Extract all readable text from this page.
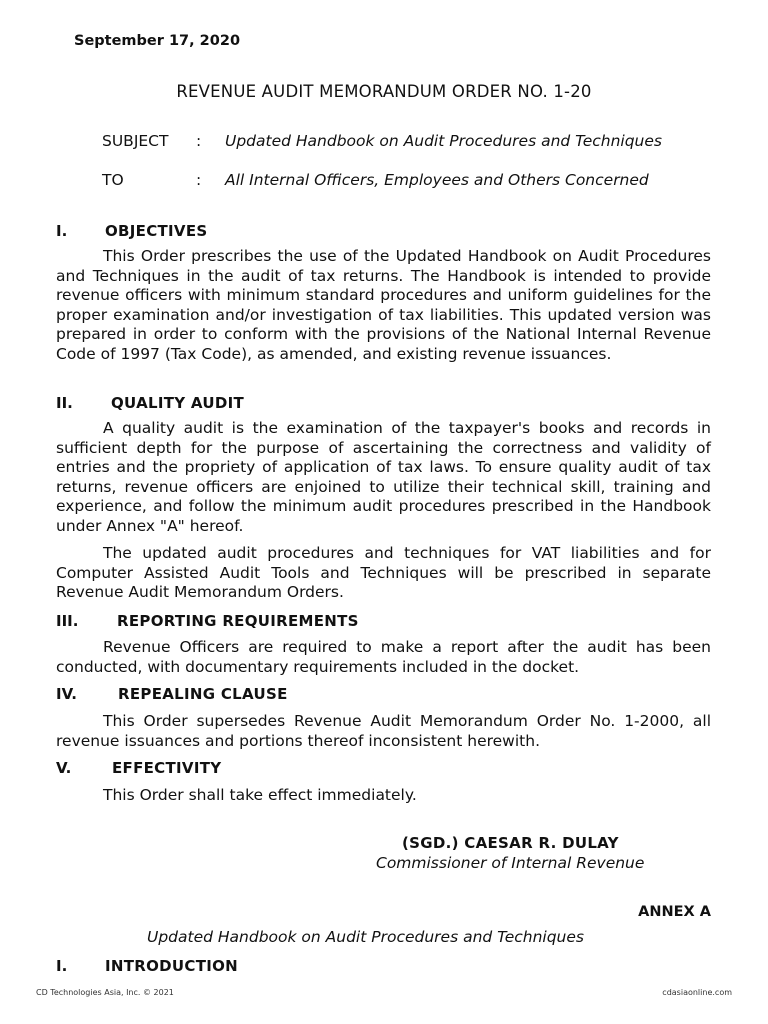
September 17, 2020
REVENUE AUDIT MEMORANDUM ORDER NO. 1-20
SUBJECT : Updated Handbook on Audit Procedures and Techniques
TO	: All Internal Officers, Employees and Others Concerned
I.	OBJECTIVES

This Order prescribes the use of the Updated Handbook on Audit Procedures and Techniques in the audit of tax returns. The Handbook is intended to provide revenue officers with minimum standard procedures and uniform guidelines for the proper examination and/or investigation of tax liabilities. This updated version was prepared in order to conform with the provisions of the National Internal Revenue Code of 1997 (Tax Code), as amended, and existing revenue issuances.

II.	QUALITY AUDIT

A quality audit is the examination of the taxpayer's books and records in sufficient depth for the purpose of ascertaining the correctness and validity of entries and the propriety of application of tax laws. To ensure quality audit of tax returns, revenue officers are enjoined to utilize their technical skill, training and experience, and follow the minimum audit procedures prescribed in the Handbook under Annex "A" hereof.

The updated audit procedures and techniques for VAT liabilities and for Computer Assisted Audit Tools and Techniques will be prescribed in separate Revenue Audit Memorandum Orders.

III.	REPORTING REQUIREMENTS

Revenue Officers are required to make a report after the audit has been conducted, with documentary requirements included in the docket.

IV.	REPEALING CLAUSE

This Order supersedes Revenue Audit Memorandum Order No. 1-2000, all revenue issuances and portions thereof inconsistent herewith.

V.	EFFECTIVITY

This Order shall take effect immediately.

(SGD.) CAESAR R. DULAY
Commissioner of Internal Revenue
ANNEX A
Updated Handbook on Audit Procedures and Techniques
I.	INTRODUCTION
CD Technologies Asia, Inc. © 2021	cdasiaonline.com
